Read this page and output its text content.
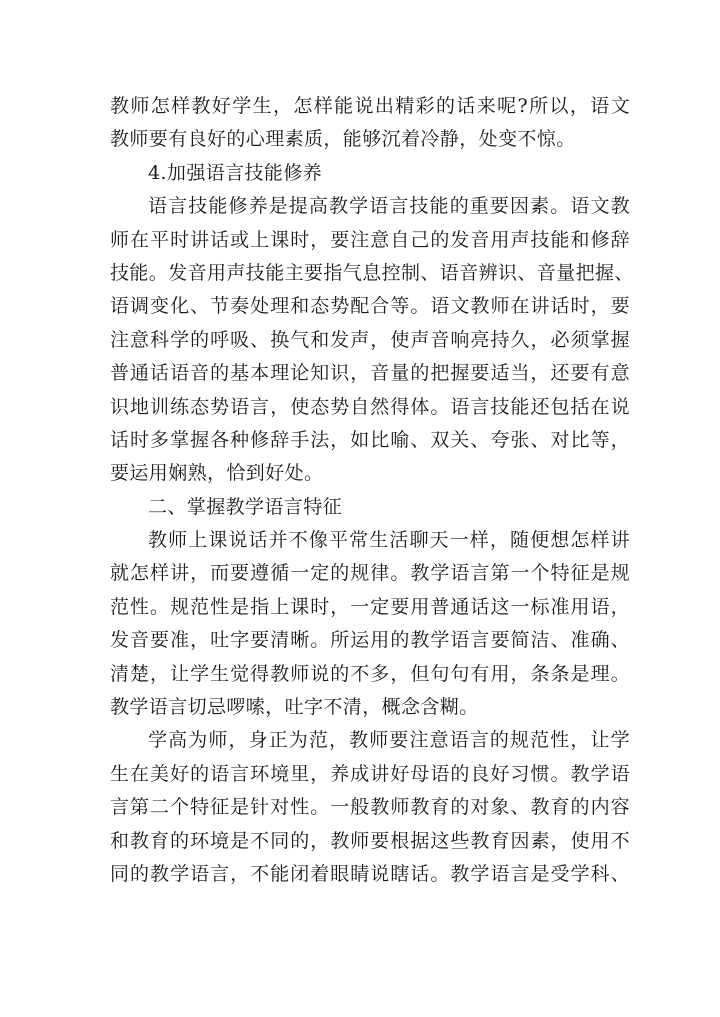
教师怎样教好学生，怎样能说出精彩的话来呢?所以，语文
教师要有良好的心理素质，能够沉着冷静，处变不惊。
4.加强语言技能修养
语言技能修养是提高教学语言技能的重要因素。语文教
师在平时讲话或上课时，要注意自己的发音用声技能和修辞
技能。发音用声技能主要指气息控制、语音辨识、音量把握、
语调变化、节奏处理和态势配合等。语文教师在讲话时，要
注意科学的呼吸、换气和发声，使声音响亮持久，必须掌握
普通话语音的基本理论知识，音量的把握要适当，还要有意
识地训练态势语言，使态势自然得体。语言技能还包括在说
话时多掌握各种修辞手法，如比喻、双关、夸张、对比等，
要运用娴熟，恰到好处。
二、掌握教学语言特征
教师上课说话并不像平常生活聊天一样，随便想怎样讲
就怎样讲，而要遵循一定的规律。教学语言第一个特征是规
范性。规范性是指上课时，一定要用普通话这一标准用语，
发音要准，吐字要清晰。所运用的教学语言要简洁、准确、
清楚，让学生觉得教师说的不多，但句句有用，条条是理。
教学语言切忌啰嗦，吐字不清，概念含糊。
学高为师，身正为范，教师要注意语言的规范性，让学
生在美好的语言环境里，养成讲好母语的良好习惯。教学语
言第二个特征是针对性。一般教师教育的对象、教育的内容
和教育的环境是不同的，教师要根据这些教育因素，使用不
同的教学语言，不能闭着眼睛说瞎话。教学语言是受学科、
